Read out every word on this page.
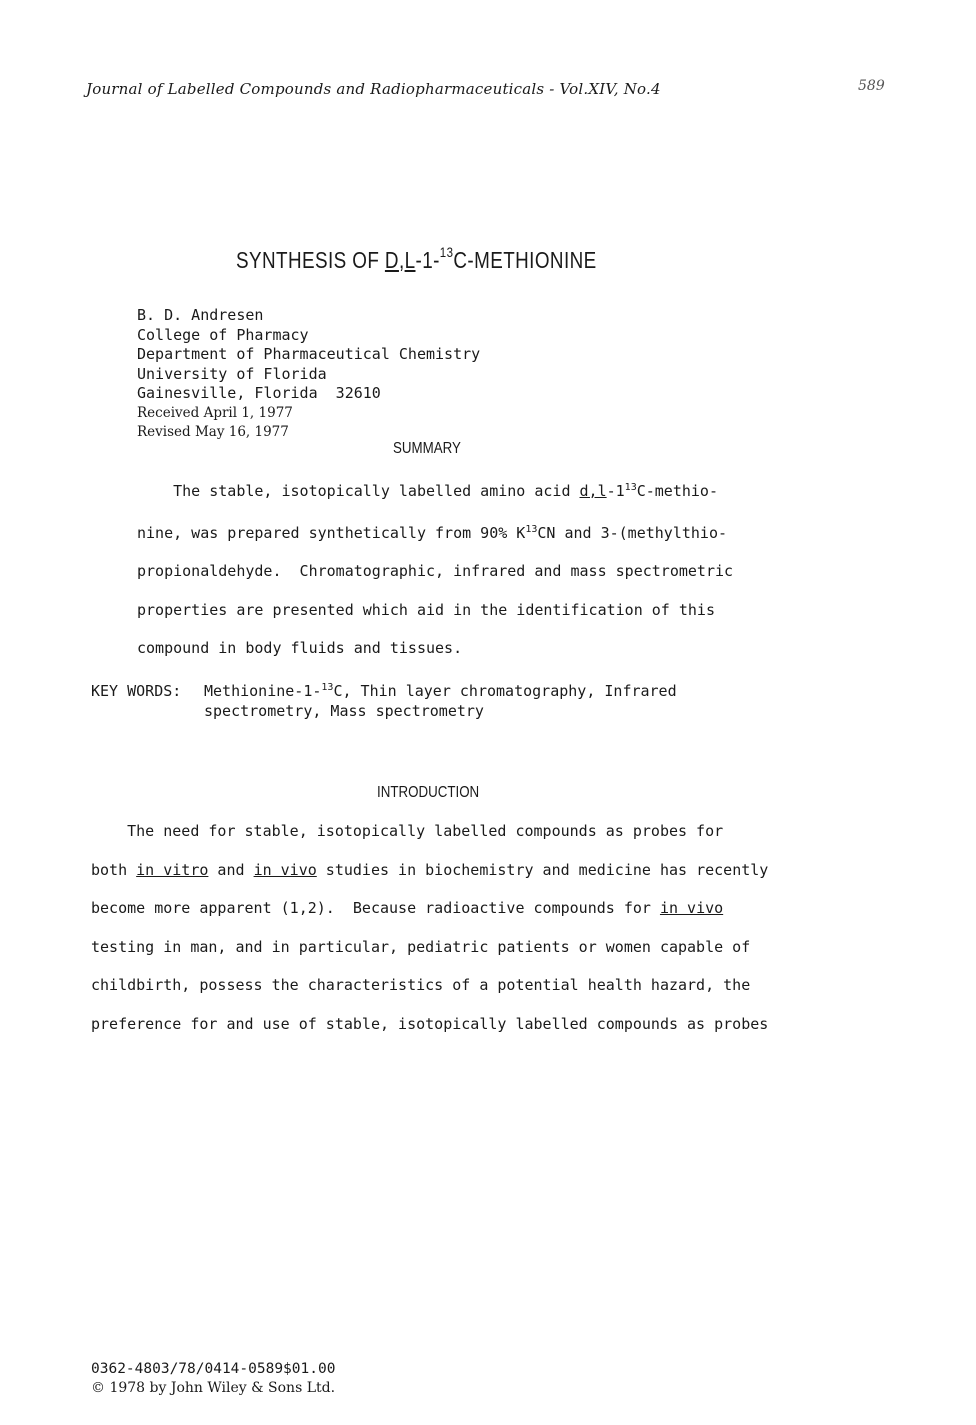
Journal of Labelled Compounds and Radiopharmaceuticals - Vol.XIV, No.4	589
SYNTHESIS OF D,L-1-$^{13}$C-METHIONINE
B. D. Andresen
College of Pharmacy
Department of Pharmaceutical Chemistry
University of Florida
Gainesville, Florida  32610
Received April 1, 1977
Revised May 16, 1977
SUMMARY
The stable, isotopically labelled amino acid $d,l-1^{13}C-methio-$
nine, was prepared synthetically from 90% $K^{13}CN$ and 3-(methylthio-
propionaldehyde.  Chromatographic, infrared and mass spectrometric
properties are presented which aid in the identification of this
compound in body fluids and tissues.
KEY WORDS: Methionine-1-$^{13}$C, Thin layer chromatography, Infrared
spectrometry, Mass spectrometry
INTRODUCTION
The need for stable, isotopically labelled compounds as probes for
both in vitro and in vivo studies in biochemistry and medicine has recently
become more apparent (1,2).  Because radioactive compounds for in vivo
testing in man, and in particular, pediatric patients or women capable of
childbirth, possess the characteristics of a potential health hazard, the
preference for and use of stable, isotopically labelled compounds as probes
0362-4803/78/0414-0589$01.00
© 1978 by John Wiley & Sons Ltd.
